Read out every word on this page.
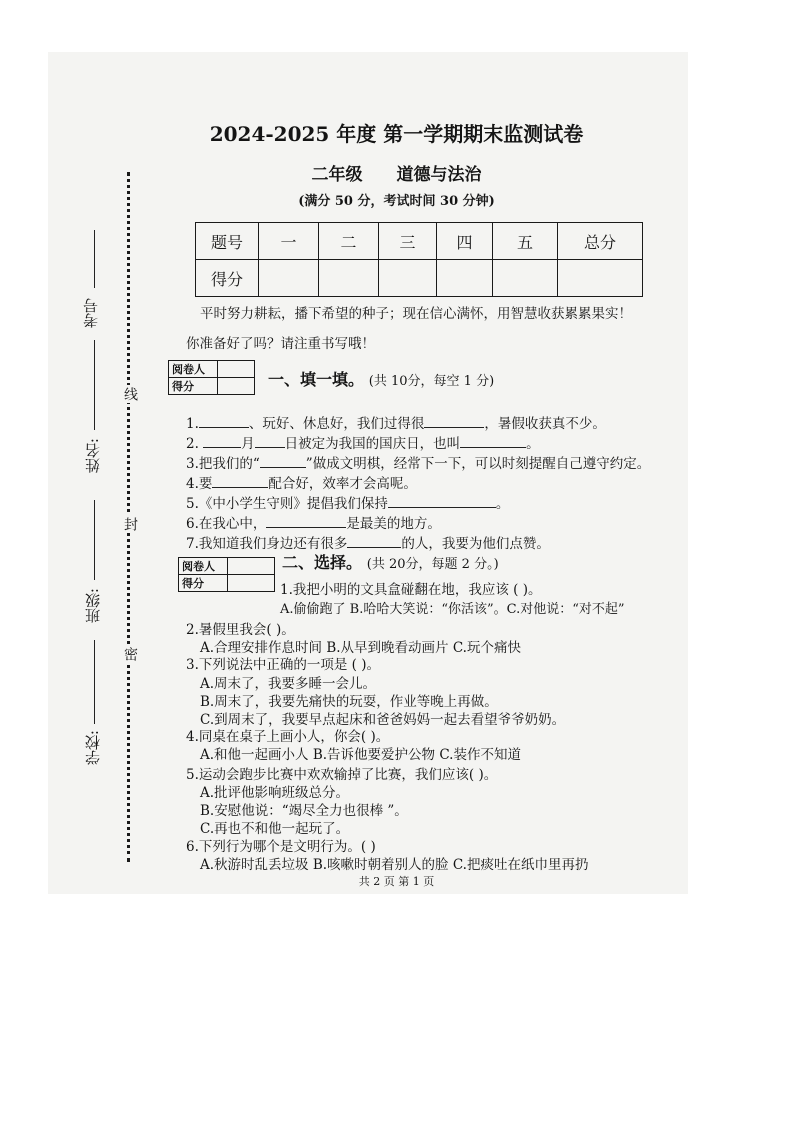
考号
姓名:
班级:
学校:
线
封
密
2024-2025 年度 第一学期期末监测试卷
二年级 道德与法治
(满分 50 分，考试时间 30 分钟)
题号	一	二	三	四	五	总分
得分						
平时努力耕耘，播下希望的种子；现在信心满怀，用智慧收获累累果实！
你准备好了吗？请注重书写哦！
阅卷人	
得分		一、填一填。 (共 10分，每空 1 分)
1.	、玩好、休息好，我们过得很	，暑假收获真不少。
2.	月 日被定为我国的国庆日，也叫	。
3.把我们的“	”做成文明棋，经常下一下，可以时刻提醒自己遵守约定。
4.要	配合好，效率才会高呢。
5.《中小学生守则》提倡我们保持	。
6.在我心中，	是最美的地方。
7.我知道我们身边还有很多	的人，我要为他们点赞。
阅卷人	
得分	
二、选择。 (共 20分，每题 2 分。)
1.我把小明的文具盒碰翻在地，我应该 ( )。
A.偷偷跑了 B.哈哈大笑说：“你活该”。C.对他说：“对不起”
2.暑假里我会( )。
A.合理安排作息时间 B.从早到晚看动画片 C.玩个痛快
3.下列说法中正确的一项是 ( )。
A.周末了，我要多睡一会儿。
B.周末了，我要先痛快的玩耍，作业等晚上再做。
C.到周末了，我要早点起床和爸爸妈妈一起去看望爷爷奶奶。
4.同桌在桌子上画小人，你会( )。
A.和他一起画小人 B.告诉他要爱护公物 C.装作不知道
5.运动会跑步比赛中欢欢输掉了比赛，我们应该( )。
A.批评他影响班级总分。
B.安慰他说：“竭尽全力也很棒 ”。
C.再也不和他一起玩了。
6.下列行为哪个是文明行为。( )
A.秋游时乱丢垃圾 B.咳嗽时朝着别人的脸 C.把痰吐在纸巾里再扔
共 2 页 第 1 页
